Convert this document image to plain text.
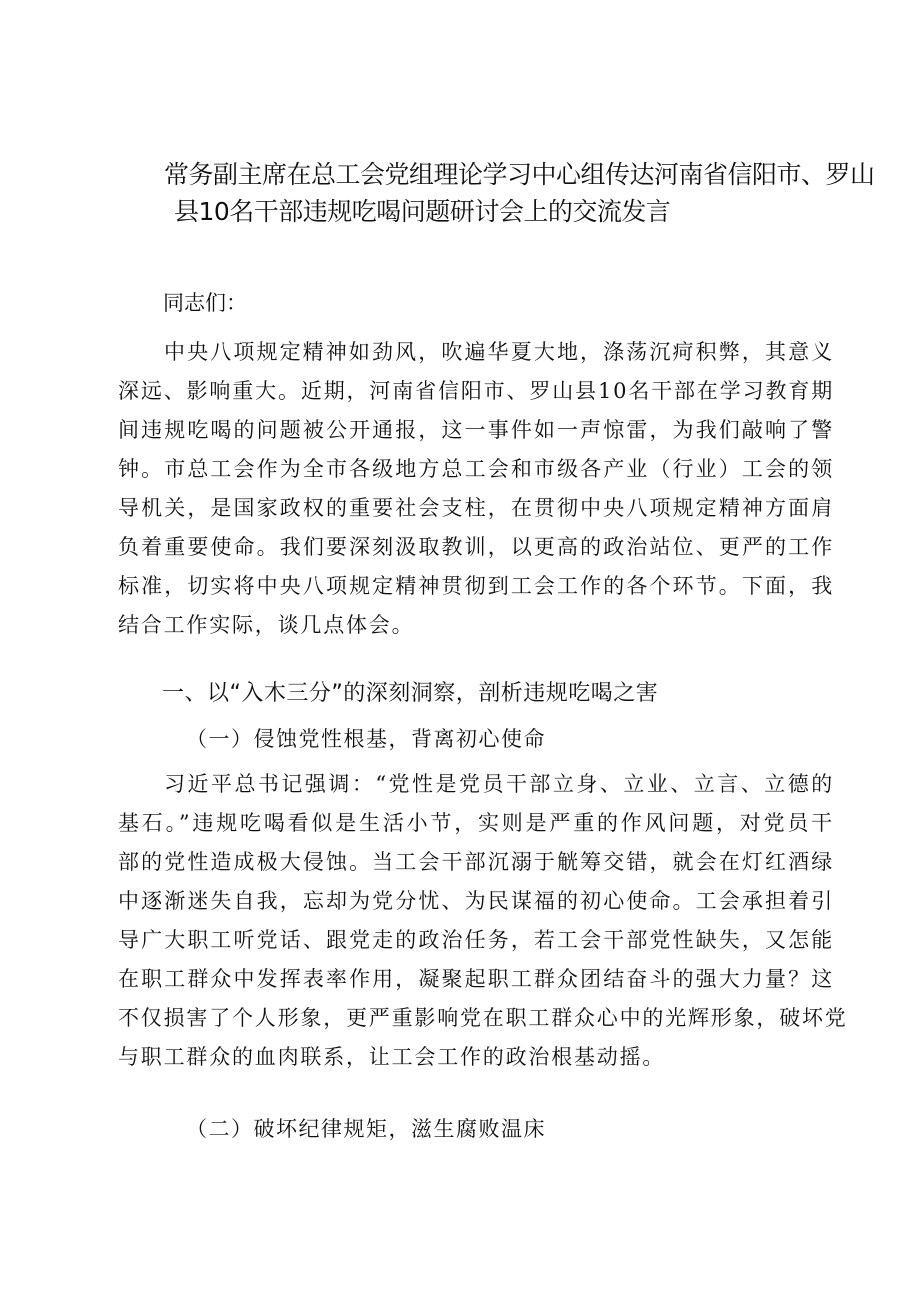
常务副主席在总工会党组理论学习中心组传达河南省信阳市、罗山
县10名干部违规吃喝问题研讨会上的交流发言
同志们：
中央八项规定精神如劲风，吹遍华夏大地，涤荡沉疴积弊，其意义
深远、影响重大。近期，河南省信阳市、罗山县10名干部在学习教育期
间违规吃喝的问题被公开通报，这一事件如一声惊雷，为我们敲响了警
钟。市总工会作为全市各级地方总工会和市级各产业（行业）工会的领
导机关，是国家政权的重要社会支柱，在贯彻中央八项规定精神方面肩
负着重要使命。我们要深刻汲取教训，以更高的政治站位、更严的工作
标准，切实将中央八项规定精神贯彻到工会工作的各个环节。下面，我
结合工作实际，谈几点体会。
一、以“入木三分”的深刻洞察，剖析违规吃喝之害
（一）侵蚀党性根基，背离初心使命
习近平总书记强调：“党性是党员干部立身、立业、立言、立德的
基石。”违规吃喝看似是生活小节，实则是严重的作风问题，对党员干
部的党性造成极大侵蚀。当工会干部沉溺于觥筹交错，就会在灯红酒绿
中逐渐迷失自我，忘却为党分忧、为民谋福的初心使命。工会承担着引
导广大职工听党话、跟党走的政治任务，若工会干部党性缺失，又怎能
在职工群众中发挥表率作用，凝聚起职工群众团结奋斗的强大力量？这
不仅损害了个人形象，更严重影响党在职工群众心中的光辉形象，破坏党
与职工群众的血肉联系，让工会工作的政治根基动摇。
（二）破坏纪律规矩，滋生腐败温床
